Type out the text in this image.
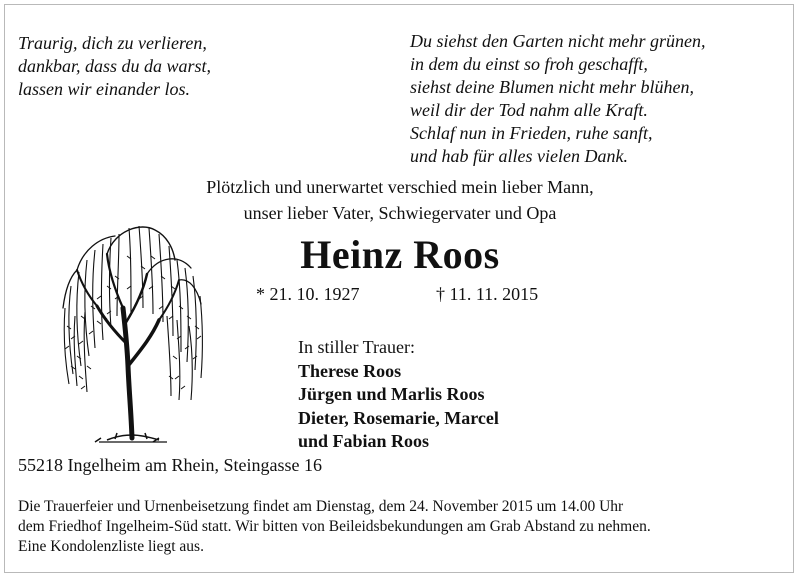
Traurig, dich zu verlieren,
dankbar, dass du da warst,
lassen wir einander los.
Du siehst den Garten nicht mehr grünen,
in dem du einst so froh geschafft,
siehst deine Blumen nicht mehr blühen,
weil dir der Tod nahm alle Kraft.
Schlaf nun in Frieden, ruhe sanft,
und hab für alles vielen Dank.
Plötzlich und unerwartet verschied mein lieber Mann,
unser lieber Vater, Schwiegervater und Opa
Heinz Roos
* 21. 10. 1927	† 11. 11. 2015
In stiller Trauer:
Therese Roos
Jürgen und Marlis Roos
Dieter, Rosemarie, Marcel
und Fabian Roos
55218 Ingelheim am Rhein, Steingasse 16
Die Trauerfeier und Urnenbeisetzung findet am Dienstag, dem 24. November 2015 um 14.00 Uhr
dem Friedhof Ingelheim-Süd statt. Wir bitten von Beileidsbekundungen am Grab Abstand zu nehmen.
Eine Kondolenzliste liegt aus.
